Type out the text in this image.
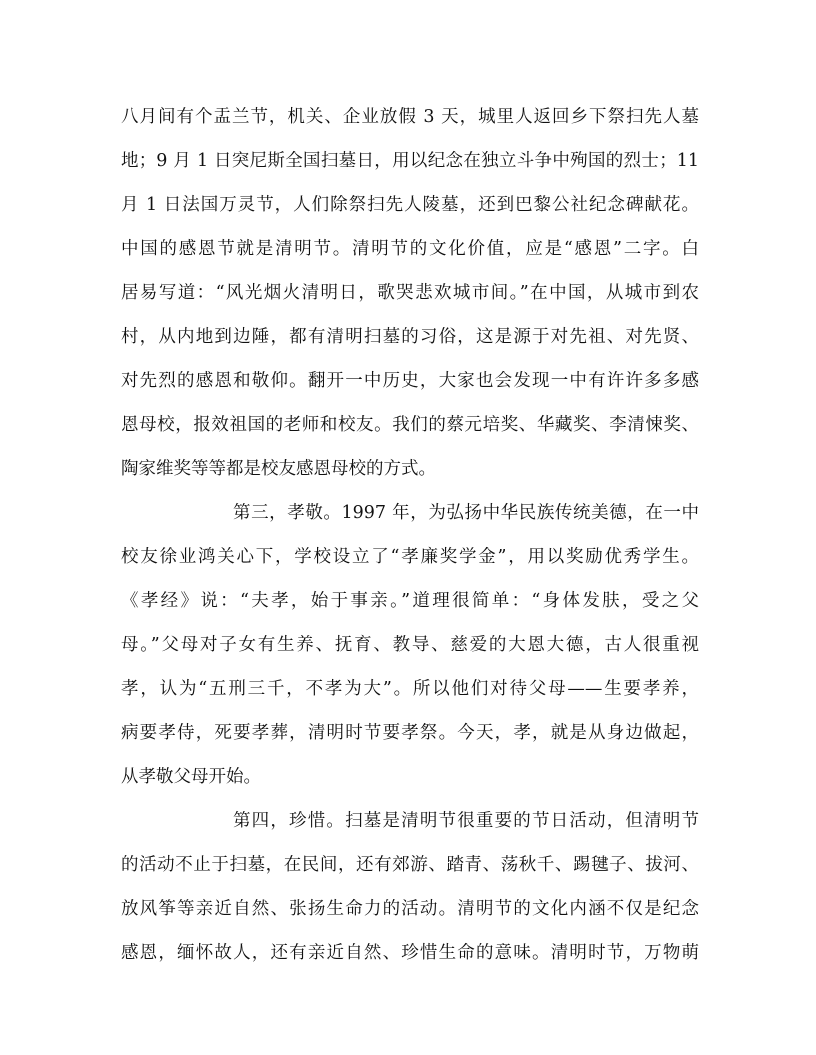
八月间有个盂兰节，机关、企业放假 3 天，城里人返回乡下祭扫先人墓
地；9 月 1 日突尼斯全国扫墓日，用以纪念在独立斗争中殉国的烈士；11
月 1 日法国万灵节，人们除祭扫先人陵墓，还到巴黎公社纪念碑献花。
中国的感恩节就是清明节。清明节的文化价值，应是“感恩”二字。白
居易写道：“风光烟火清明日，歌哭悲欢城市间。”在中国，从城市到农
村，从内地到边陲，都有清明扫墓的习俗，这是源于对先祖、对先贤、
对先烈的感恩和敬仰。翻开一中历史，大家也会发现一中有许许多多感
恩母校，报效祖国的老师和校友。我们的蔡元培奖、华藏奖、李清悚奖、
陶家维奖等等都是校友感恩母校的方式。
第三，孝敬。1997 年，为弘扬中华民族传统美德，在一中
校友徐业鸿关心下，学校设立了“孝廉奖学金”，用以奖励优秀学生。
《孝经》说：“夫孝，始于事亲。”道理很简单：“身体发肤，受之父
母。”父母对子女有生养、抚育、教导、慈爱的大恩大德，古人很重视
孝，认为“五刑三千，不孝为大”。所以他们对待父母——生要孝养，
病要孝侍，死要孝葬，清明时节要孝祭。今天，孝，就是从身边做起，
从孝敬父母开始。
第四，珍惜。扫墓是清明节很重要的节日活动，但清明节
的活动不止于扫墓，在民间，还有郊游、踏青、荡秋千、踢毽子、拔河、
放风筝等亲近自然、张扬生命力的活动。清明节的文化内涵不仅是纪念
感恩，缅怀故人，还有亲近自然、珍惜生命的意味。清明时节，万物萌
